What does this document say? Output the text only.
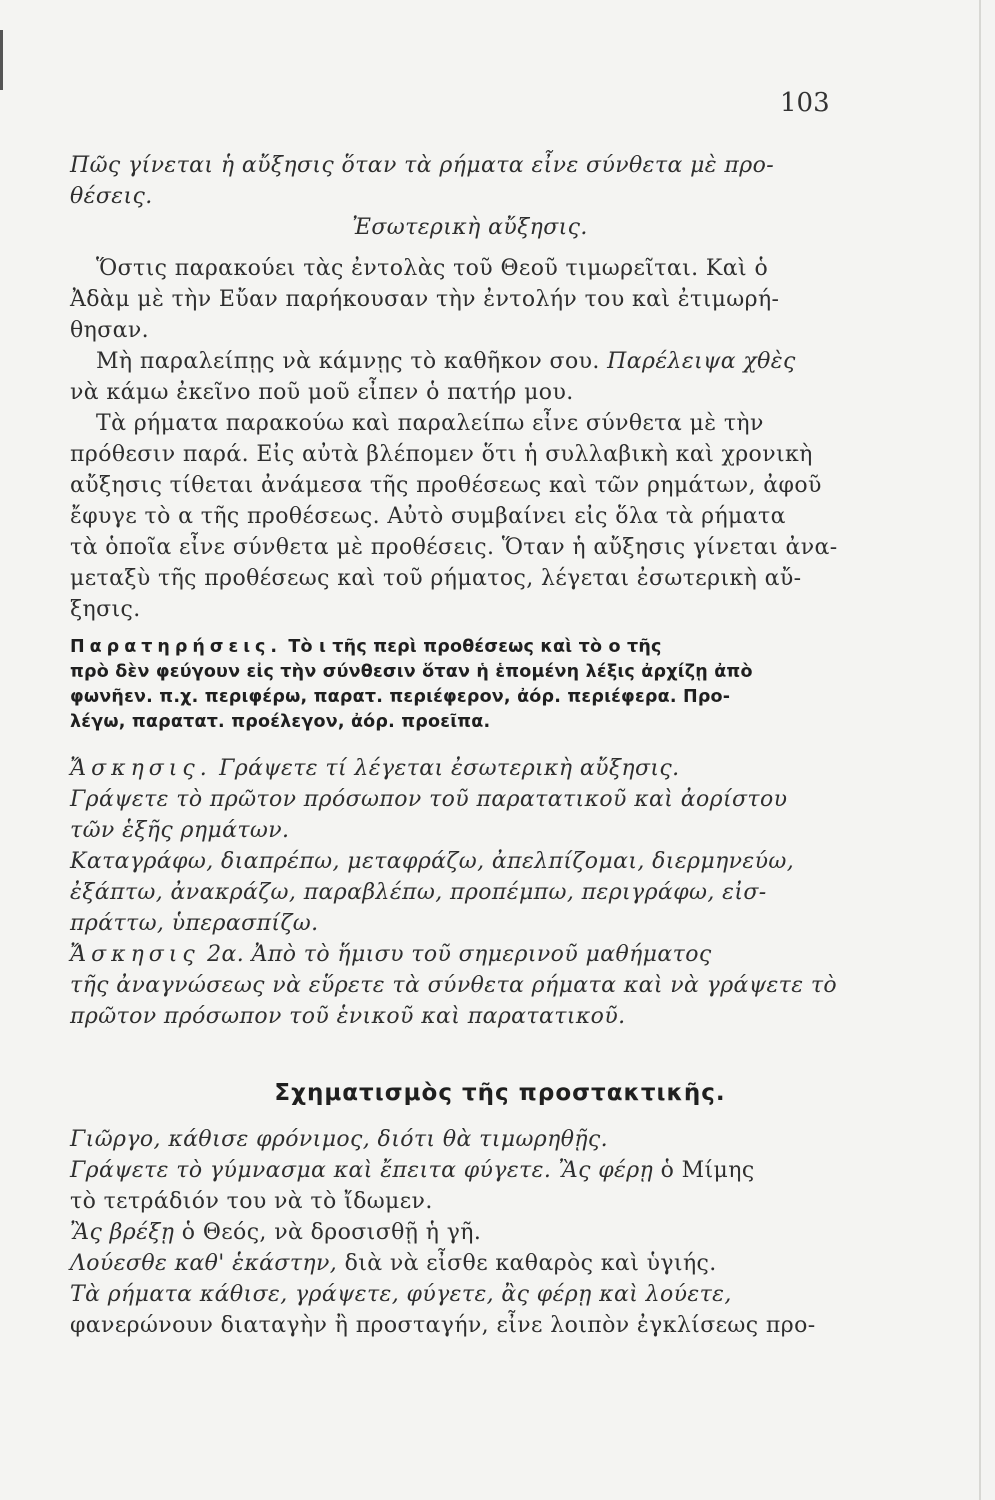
103
Πῶς γίνεται ἡ αὔξησις ὅταν τὰ ρήματα εἶνε σύνθετα μὲ προ-
θέσεις.
Ἐσωτερικὴ αὔξησις.
Ὅστις παρακούει τὰς ἐντολὰς τοῦ Θεοῦ τιμωρεῖται. Καὶ ὁ
Ἀδὰμ μὲ τὴν Εὔαν παρήκουσαν τὴν ἐντολήν του καὶ ἐτιμωρή-
θησαν.
Μὴ παραλείπῃς νὰ κάμνῃς τὸ καθῆκον σου. Παρέλειψα χθὲς
νὰ κάμω ἐκεῖνο ποῦ μοῦ εἶπεν ὁ πατήρ μου.
Τὰ ρήματα παρακούω καὶ παραλείπω εἶνε σύνθετα μὲ τὴν
πρόθεσιν παρά. Εἰς αὐτὰ βλέπομεν ὅτι ἡ συλλαβικὴ καὶ χρονικὴ
αὔξησις τίθεται ἀνάμεσα τῆς προθέσεως καὶ τῶν ρημάτων, ἀφοῦ
ἔφυγε τὸ α τῆς προθέσεως. Αὐτὸ συμβαίνει εἰς ὅλα τὰ ρήματα
τὰ ὁποῖα εἶνε σύνθετα μὲ προθέσεις. Ὅταν ἡ αὔξησις γίνεται ἀνα-
μεταξὺ τῆς προθέσεως καὶ τοῦ ρήματος, λέγεται ἐσωτερικὴ αὔ-
ξησις.
Παρατηρήσεις. Τὸ ι τῆς περὶ προθέσεως καὶ τὸ ο τῆς
πρὸ δὲν φεύγουν εἰς τὴν σύνθεσιν ὅταν ἡ ἑπομένη λέξις ἀρχίζῃ ἀπὸ
φωνῆεν. π.χ. περιφέρω, παρατ. περιέφερον, ἀόρ. περιέφερα. Προ-
λέγω, παρατατ. προέλεγον, ἀόρ. προεῖπα.
Ἄσκησις. Γράψετε τί λέγεται ἐσωτερικὴ αὔξησις.
Γράψετε τὸ πρῶτον πρόσωπον τοῦ παρατατικοῦ καὶ ἀορίστου
τῶν ἑξῆς ρημάτων.
Καταγράφω, διαπρέπω, μεταφράζω, ἀπελπίζομαι, διερμηνεύω,
ἐξάπτω, ἀνακράζω, παραβλέπω, προπέμπω, περιγράφω, εἰσ-
πράττω, ὑπερασπίζω.
Ἄσκησις 2α. Ἀπὸ τὸ ἥμισυ τοῦ σημερινοῦ μαθήματος
τῆς ἀναγνώσεως νὰ εὕρετε τὰ σύνθετα ρήματα καὶ νὰ γράψετε τὸ
πρῶτον πρόσωπον τοῦ ἑνικοῦ καὶ παρατατικοῦ.
Σχηματισμὸς τῆς προστακτικῆς.
Γιῶργο, κάθισε φρόνιμος, διότι θὰ τιμωρηθῇς.
Γράψετε τὸ γύμνασμα καὶ ἔπειτα φύγετε. Ἂς φέρῃ ὁ Μίμης
τὸ τετράδιόν του νὰ τὸ ἴδωμεν.
Ἂς βρέξῃ ὁ Θεός, νὰ δροσισθῇ ἡ γῆ.
Λούεσθε καθ' ἑκάστην, διὰ νὰ εἶσθε καθαρὸς καὶ ὑγιής.
Τὰ ρήματα κάθισε, γράψετε, φύγετε, ἂς φέρῃ καὶ λούετε,
φανερώνουν διαταγὴν ἢ προσταγήν, εἶνε λοιπὸν ἐγκλίσεως προ-
